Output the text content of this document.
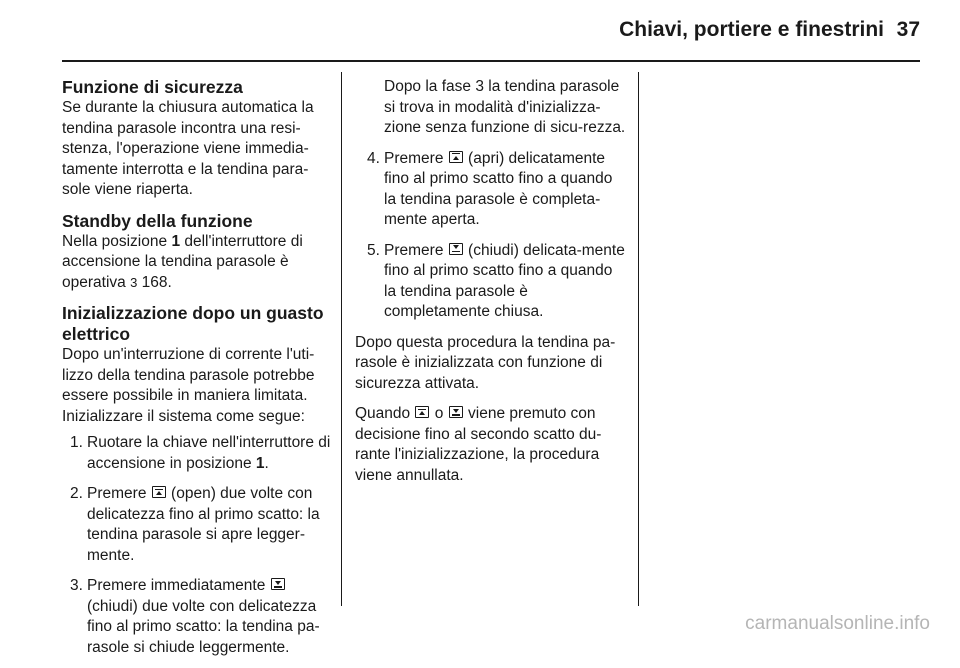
Chiavi, portiere e finestrini 37
Funzione di sicurezza

Se durante la chiusura automatica la tendina parasole incontra una resi-stenza, l'operazione viene immedia-tamente interrotta e la tendina para-sole viene riaperta.

Standby della funzione

Nella posizione 1 dell'interruttore di accensione la tendina parasole è operativa 3 168.

Inizializzazione dopo un guasto elettrico

Dopo un'interruzione di corrente l'uti-lizzo della tendina parasole potrebbe essere possibile in maniera limitata. Inizializzare il sistema come segue:

1. Ruotare la chiave nell'interruttore di accensione in posizione 1.
2. Premere  (open) due volte con delicatezza fino al primo scatto: la tendina parasole si apre legger-mente.
3. Premere immediatamente  (chiudi) due volte con delicatezza fino al primo scatto: la tendina pa-rasole si chiude leggermente.

Dopo la fase 3 la tendina parasole si trova in modalità d'inizializza-zione senza funzione di sicu-rezza.

4. Premere  (apri) delicatamente fino al primo scatto fino a quando la tendina parasole è completa-mente aperta.
5. Premere  (chiudi) delicata-mente fino al primo scatto fino a quando la tendina parasole è completamente chiusa.

Dopo questa procedura la tendina pa-rasole è inizializzata con funzione di sicurezza attivata.

Quando  o  viene premuto con decisione fino al secondo scatto du-rante l'inizializzazione, la procedura viene annullata.

carmanualsonline.info
